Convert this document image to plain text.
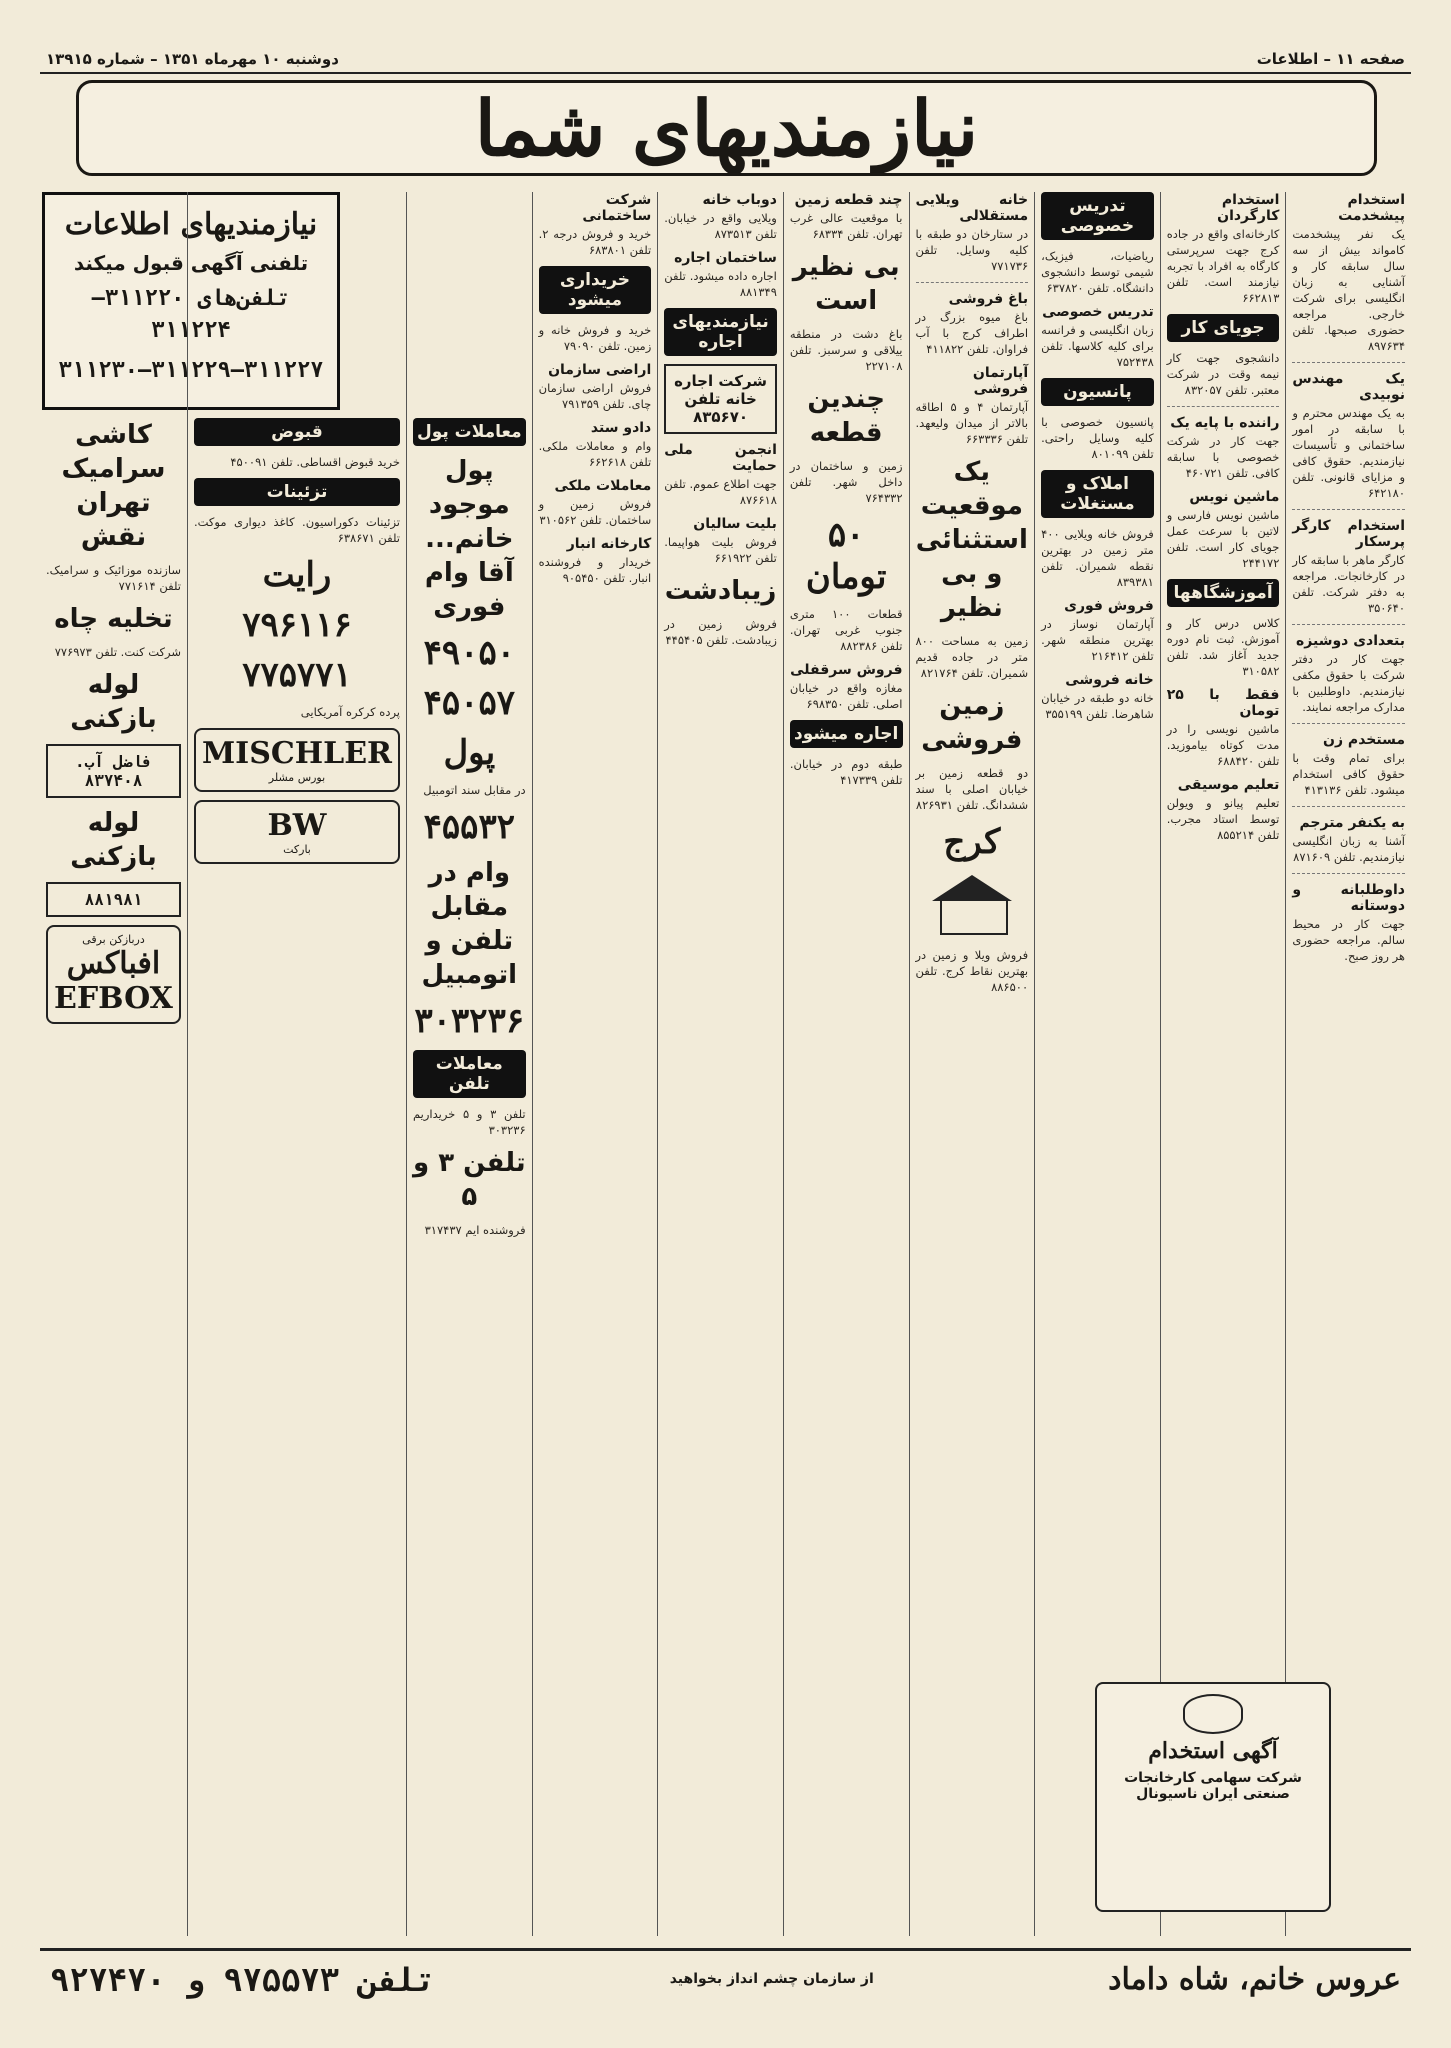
صفحه ۱۱ – اطلاعات
دوشنبه ۱۰ مهرماه ۱۳۵۱ – شماره ۱۳۹۱۵
نیازمندیهای شما
نیازمندیهای اطلاعات
تلفنی آگهی قبول میکند
تلفن‌های ۳۱۱۲۲۰–۳۱۱۲۲۴
۳۱۱۲۲۷–۳۱۱۲۲۹–۳۱۱۲۳۰
استخدام پیشخدمت
یک نفر پیشخدمت کامواند بیش از سه سال سابقه کار و آشنایی به زبان انگلیسی برای شرکت خارجی. مراجعه حضوری صبحها. تلفن ۸۹۷۶۳۴
یک مهندس نوبیدی
به یک مهندس محترم و با سابقه در امور ساختمانی و تأسیسات نیازمندیم. حقوق کافی و مزایای قانونی. تلفن ۶۴۲۱۸۰
استخدام کارگر پرسکار
کارگر ماهر با سابقه کار در کارخانجات. مراجعه به دفتر شرکت. تلفن ۳۵۰۶۴۰
بتعدادی دوشیزه
جهت کار در دفتر شرکت با حقوق مکفی نیازمندیم. داوطلبین با مدارک مراجعه نمایند.
مستخدم زن
برای تمام وقت با حقوق کافی استخدام میشود. تلفن ۴۱۳۱۳۶
به یکنفر مترجم
آشنا به زبان انگلیسی نیازمندیم. تلفن ۸۷۱۶۰۹
داوطلبانه و دوستانه
جهت کار در محیط سالم. مراجعه حضوری هر روز صبح.
استخدام کارگردان
کارخانه‌ای واقع در جاده کرج جهت سرپرستی کارگاه به افراد با تجربه نیازمند است. تلفن ۶۶۲۸۱۳
جویای کار
دانشجوی جهت کار نیمه وقت در شرکت معتبر. تلفن ۸۳۲۰۵۷
راننده با پایه یک
جهت کار در شرکت خصوصی با سابقه کافی. تلفن ۴۶۰۷۲۱
ماشین نویس
ماشین نویس فارسی و لاتین با سرعت عمل جویای کار است. تلفن ۲۴۴۱۷۲
آموزشگاهها
کلاس درس کار و آموزش. ثبت نام دوره جدید آغاز شد. تلفن ۳۱۰۵۸۲
فقط با ۲۵ تومان
ماشین نویسی را در مدت کوتاه بیاموزید. تلفن ۶۸۸۴۲۰
تعلیم موسیقی
تعلیم پیانو و ویولن توسط استاد مجرب. تلفن ۸۵۵۲۱۴
تدریس خصوصی
ریاضیات، فیزیک، شیمی توسط دانشجوی دانشگاه. تلفن ۶۳۷۸۲۰
تدریس خصوصی
زبان انگلیسی و فرانسه برای کلیه کلاسها. تلفن ۷۵۲۴۳۸
پانسیون
پانسیون خصوصی با کلیه وسایل راحتی. تلفن ۸۰۱۰۹۹
املاک و مستغلات
فروش خانه ویلایی ۴۰۰ متر زمین در بهترین نقطه شمیران. تلفن ۸۳۹۳۸۱
فروش فوری
آپارتمان نوساز در بهترین منطقه شهر. تلفن ۲۱۶۴۱۲
خانه فروشی
خانه دو طبقه در خیابان شاهرضا. تلفن ۳۵۵۱۹۹
خانه ویلایی مستقلالی
در ستارخان دو طبقه با کلیه وسایل. تلفن ۷۷۱۷۳۶
باغ فروشی
باغ میوه بزرگ در اطراف کرج با آب فراوان. تلفن ۴۱۱۸۲۲
آپارتمان فروشی
آپارتمان ۴ و ۵ اطاقه بالاتر از میدان ولیعهد. تلفن ۶۶۳۳۳۶
یک موقعیت استثنائی و بی نظیر
زمین به مساحت ۸۰۰ متر در جاده قدیم شمیران. تلفن ۸۲۱۷۶۴
زمین فروشی
دو قطعه زمین بر خیابان اصلی با سند ششدانگ. تلفن ۸۲۶۹۳۱
کرج
فروش ویلا و زمین در بهترین نقاط کرج. تلفن ۸۸۶۵۰۰
چند قطعه زمین
با موقعیت عالی غرب تهران. تلفن ۶۸۳۳۴
بی نظیر است
باغ دشت در منطقه ییلاقی و سرسبز. تلفن ۲۲۷۱۰۸
چندین قطعه
زمین و ساختمان در داخل شهر. تلفن ۷۶۴۳۳۲
۵۰ تومان
قطعات ۱۰۰ متری جنوب غربی تهران. تلفن ۸۸۲۳۸۶
فروش سرقفلی
مغازه واقع در خیابان اصلی. تلفن ۶۹۸۳۵۰
اجاره میشود
طبقه دوم در خیابان. تلفن ۴۱۷۳۳۹
دوباب خانه
ویلایی واقع در خیابان. تلفن ۸۷۳۵۱۳
ساختمان اجاره
اجاره داده میشود. تلفن ۸۸۱۳۴۹
نیازمندیهای اجاره
شرکت اجاره خانه تلفن ۸۳۵۶۷۰
انجمن ملی حمایت
جهت اطلاع عموم. تلفن ۸۷۶۶۱۸
بلیت سالیان
فروش بلیت هواپیما. تلفن ۶۶۱۹۲۲
زیبادشت
فروش زمین در زیبادشت. تلفن ۴۴۵۴۰۵
شرکت ساختمانی
خرید و فروش درجه ۲. تلفن ۶۸۳۸۰۱
خریداری میشود
خرید و فروش خانه و زمین. تلفن ۷۹۰۹۰
اراضی سازمان
فروش اراضی سازمان چای. تلفن ۷۹۱۳۵۹
دادو ستد
وام و معاملات ملکی. تلفن ۶۶۲۶۱۸
معاملات ملکی
فروش زمین و ساختمان. تلفن ۳۱۰۵۶۲
کارخانه انبار
خریدار و فروشنده انبار. تلفن ۹۰۵۴۵۰
معاملات پول
پول موجود خانم... آقا وام فوری
۴۹۰۵۰
۴۵۰۵۷
پول
در مقابل سند اتومبیل
۴۵۵۳۲
وام در مقابل تلفن و اتومبیل
۳۰۳۲۳۶
معاملات تلفن
تلفن ۳ و ۵ خریداریم ۳۰۳۲۳۶
تلفن ۳ و ۵
فروشنده ایم ۳۱۷۴۳۷
قبوض
خرید قبوض اقساطی. تلفن ۴۵۰۰۹۱
تزئینات
تزئینات دکوراسیون. کاغذ دیواری موکت. تلفن ۶۳۸۶۷۱
رایت
۷۹۶۱۱۶
۷۷۵۷۷۱
پرده کرکره آمریکایی
MISCHLER
بورس مشلر
BW
بارکت
کاشی سرامیک تهران نقش
سازنده موزائیک و سرامیک. تلفن ۷۷۱۶۱۴
تخلیه چاه
شرکت کنت. تلفن ۷۷۶۹۷۳
لوله بازکنی
فاضل آب. ۸۳۷۴۰۸
لوله بازکنی
۸۸۱۹۸۱
دربازکن برقی
افباکس EFBOX
آگهی استخدام
شرکت سهامی کارخانجات صنعتی ایران ناسیونال
عروس خانم، شاه داماد
از سازمان چشم انداز بخواهید
تلفن ۹۷۵۵۷۳ و ۹۲۷۴۷۰
